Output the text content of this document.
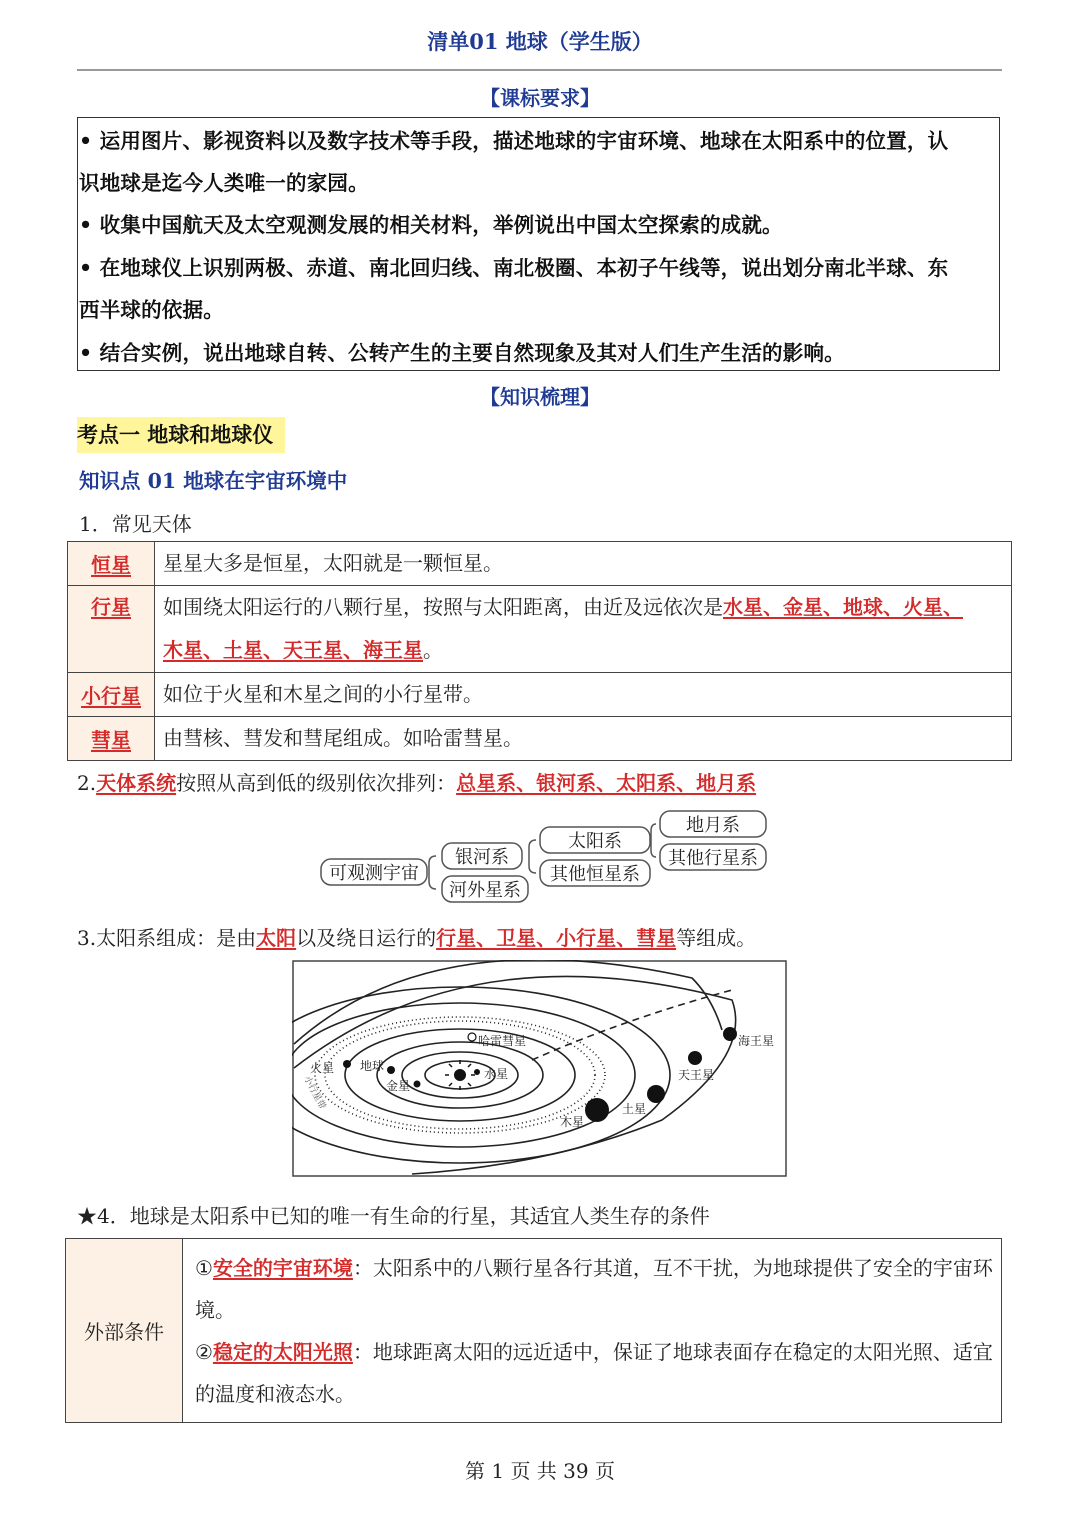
清单01 地球（学生版）
【课标要求】
• 运用图片、影视资料以及数字技术等手段，描述地球的宇宙环境、地球在太阳系中的位置，认
识地球是迄今人类唯一的家园。
• 收集中国航天及太空观测发展的相关材料，举例说出中国太空探索的成就。
• 在地球仪上识别两极、赤道、南北回归线、南北极圈、本初子午线等，说出划分南北半球、东
西半球的依据。
• 结合实例，说出地球自转、公转产生的主要自然现象及其对人们生产生活的影响。
【知识梳理】
考点一 地球和地球仪
知识点 01 地球在宇宙环境中
1．常见天体
恒星	星星大多是恒星，太阳就是一颗恒星。
行星	如围绕太阳运行的八颗行星，按照与太阳距离，由近及远依次是水星、金星、地球、火星、
木星、土星、天王星、海王星。
小行星	如位于火星和木星之间的小行星带。
彗星	由彗核、彗发和彗尾组成。如哈雷彗星。
2.天体系统按照从高到低的级别依次排列：总星系、银河系、太阳系、地月系
可观测宇宙
银河系
河外星系
太阳系
其他恒星系
地月系
其他行星系
3.太阳系组成：是由太阳以及绕日运行的行星、卫星、小行星、彗星等组成。
哈雷彗星
火星 地球
金星
水星
木星
土星
天王星
海王星
小行星带
★4．地球是太阳系中已知的唯一有生命的行星，其适宜人类生存的条件
外部条件	①安全的宇宙环境：太阳系中的八颗行星各行其道，互不干扰，为地球提供了安全的宇宙环境。
②稳定的太阳光照：地球距离太阳的远近适中，保证了地球表面存在稳定的太阳光照、适宜的温度和液态水。
第 1 页 共 39 页
